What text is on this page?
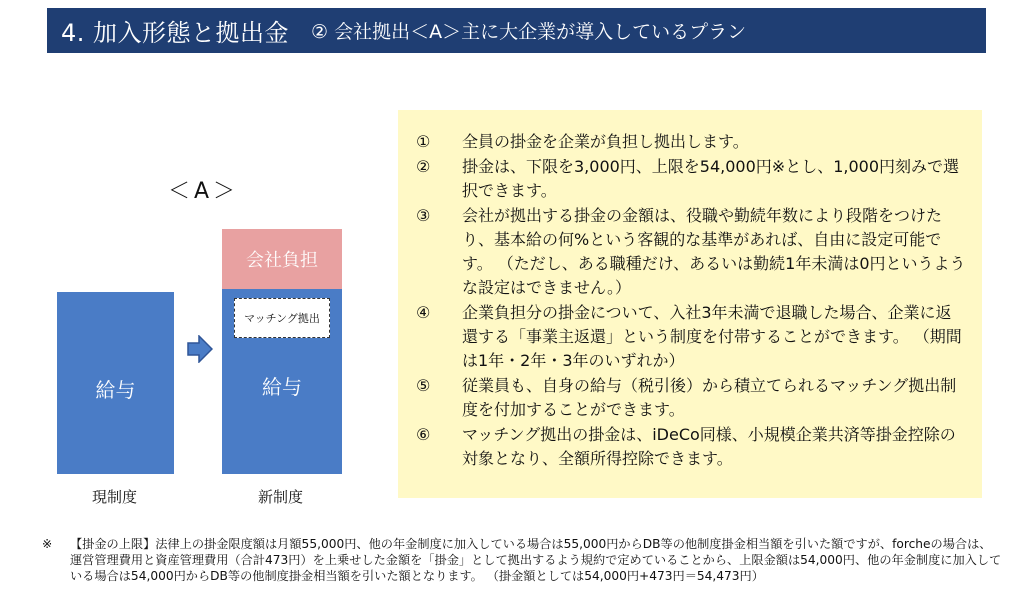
4. 加入形態と拠出金 ② 会社拠出＜A＞主に大企業が導入しているプラン
＜A＞
給与
会社負担
給与
マッチング拠出
現制度	新制度
①	全員の掛金を企業が負担し拠出します。
②	掛金は、下限を3,000円、上限を54,000円※とし、1,000円刻みで選択できます。
③	会社が拠出する掛金の金額は、役職や勤続年数により段階をつけたり、基本給の何%という客観的な基準があれば、自由に設定可能です。 （ただし、ある職種だけ、あるいは勤続1年未満は0円というような設定はできません。）
④	企業負担分の掛金について、入社3年未満で退職した場合、企業に返還する「事業主返還」という制度を付帯することができます。 （期間は1年・2年・3年のいずれか）
⑤	従業員も、自身の給与（税引後）から積立てられるマッチング拠出制度を付加することができます。
⑥	マッチング拠出の掛金は、iDeCo同様、小規模企業共済等掛金控除の対象となり、全額所得控除できます。
※	【掛金の上限】法律上の掛金限度額は月額55,000円、他の年金制度に加入している場合は55,000円からDB等の他制度掛金相当額を引いた額ですが、forcheの場合は、運営管理費用と資産管理費用（合計473円）を上乗せした金額を「掛金」として拠出するよう規約で定めていることから、上限金額は54,000円、他の年金制度に加入している場合は54,000円からDB等の他制度掛金相当額を引いた額となります。 （掛金額としては54,000円+473円＝54,473円）
